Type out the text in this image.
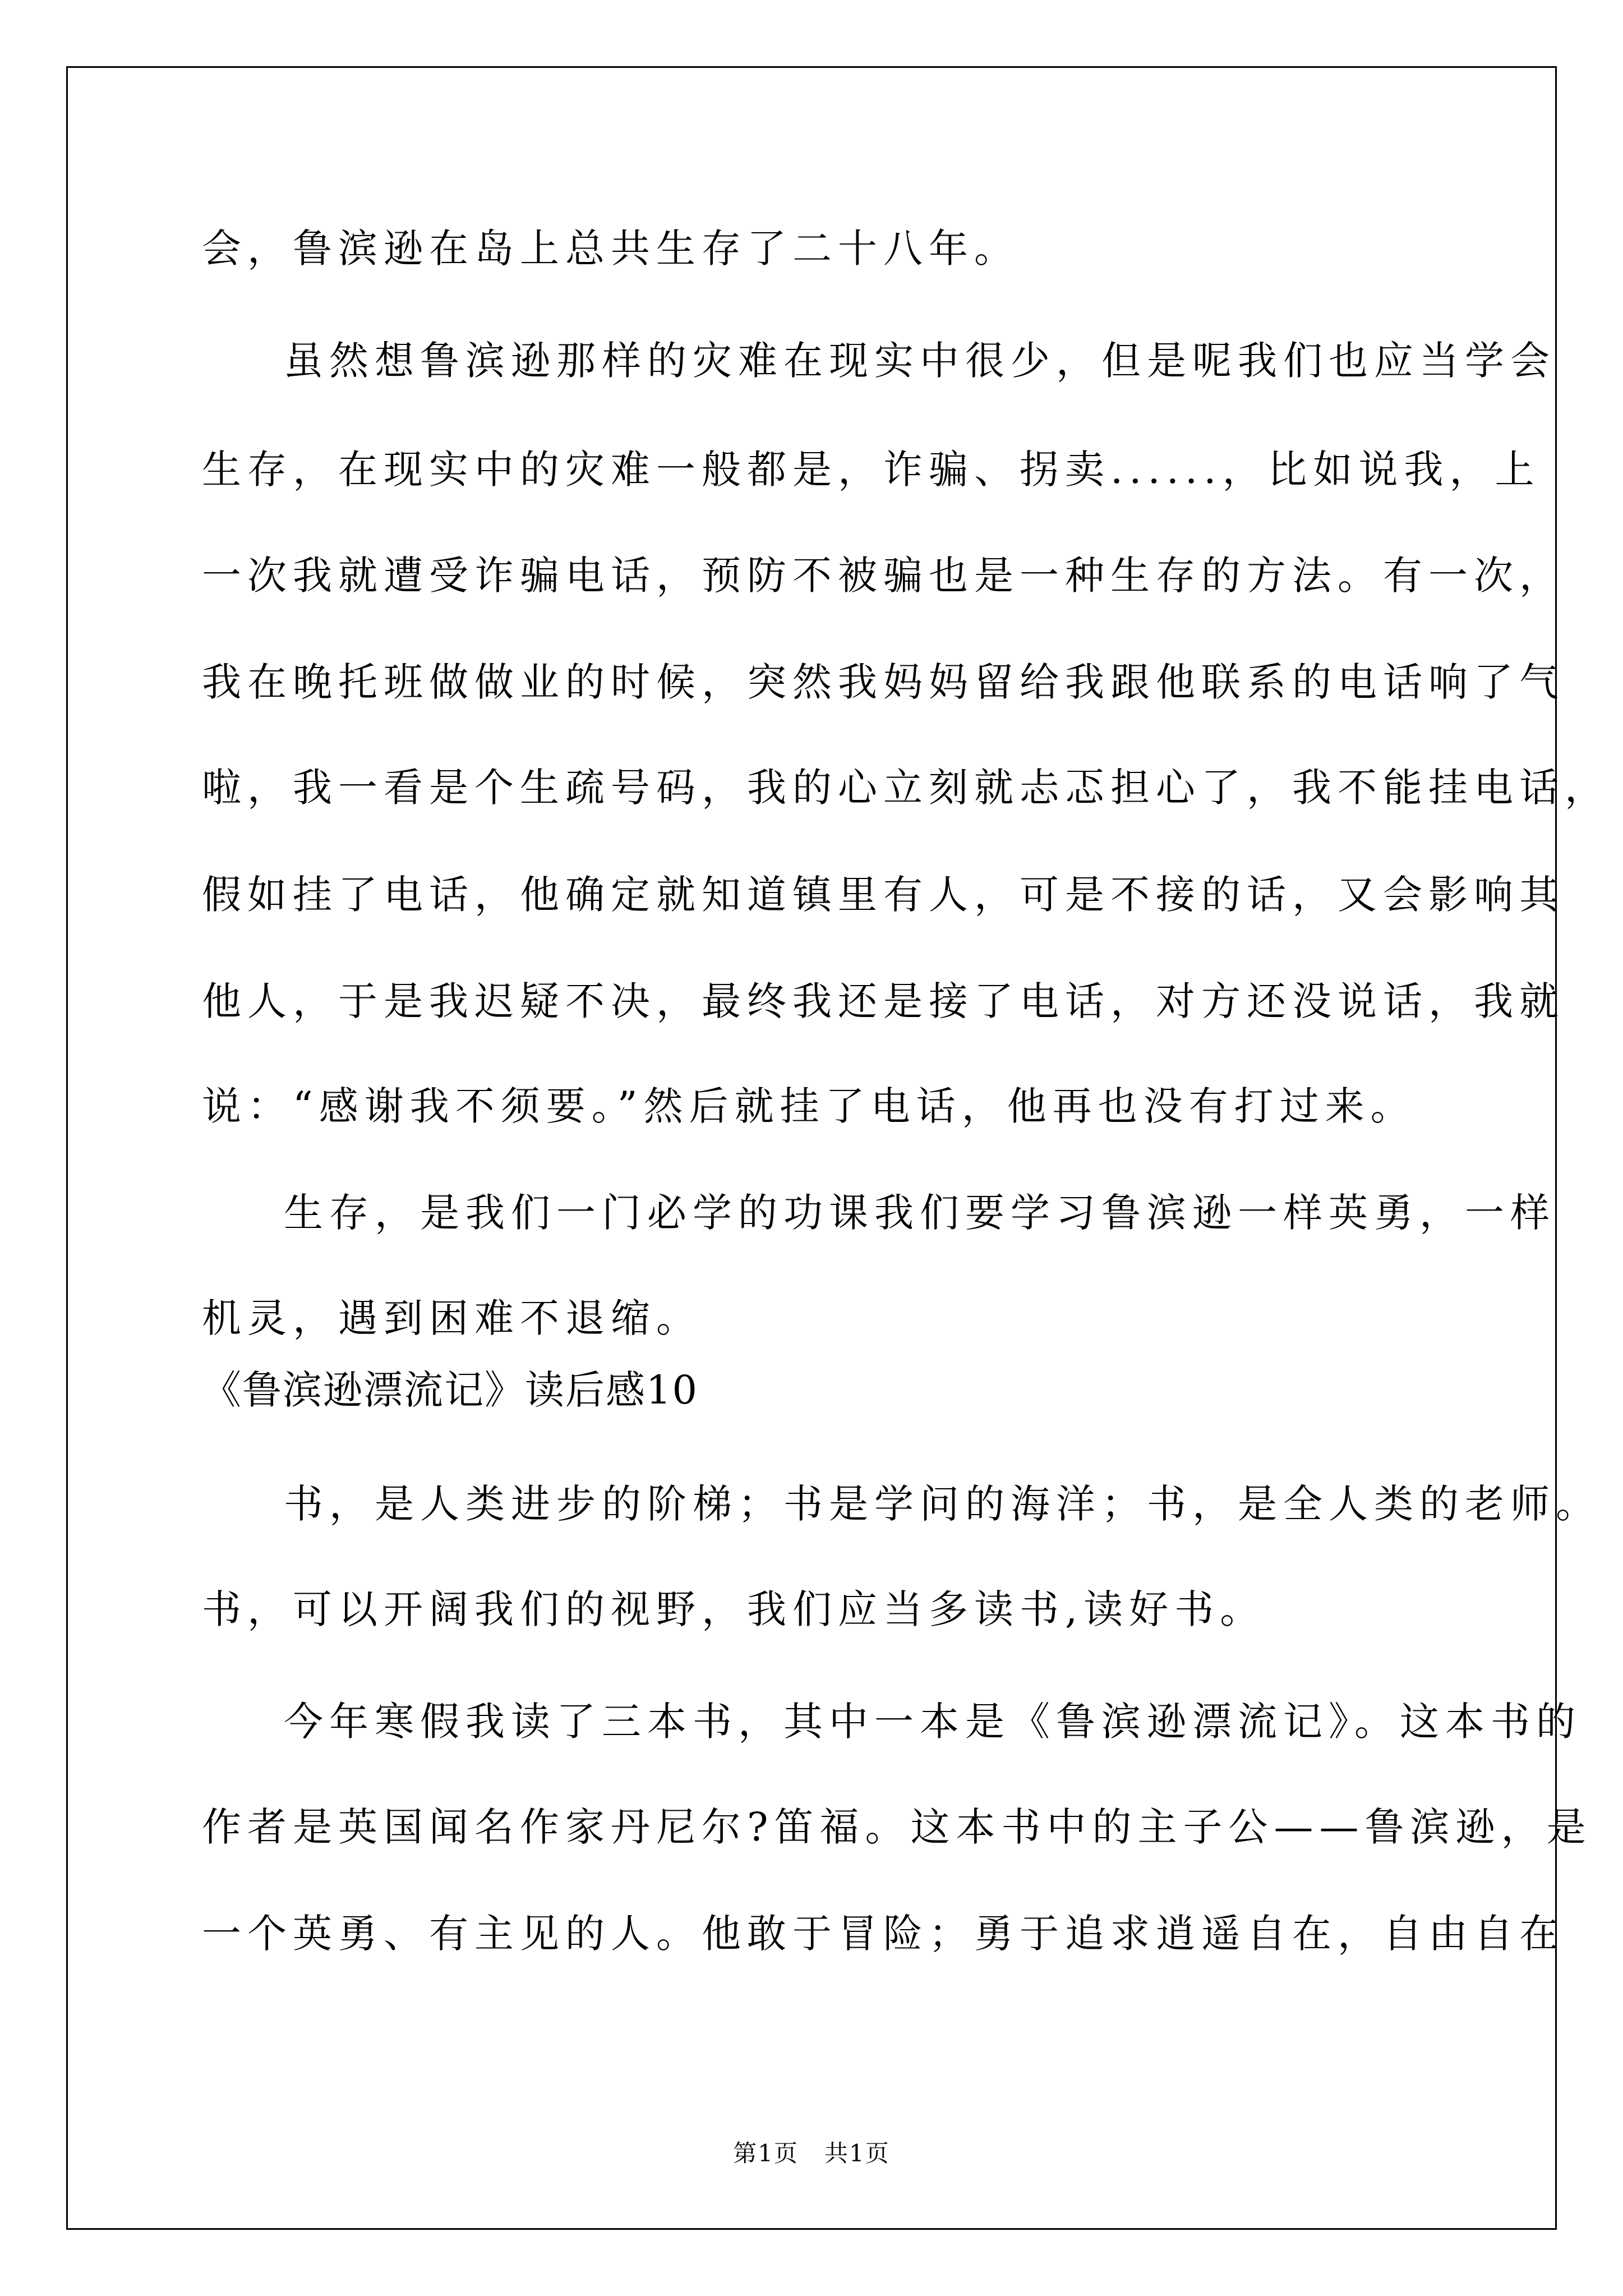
会，鲁滨逊在岛上总共生存了二十八年。
虽然想鲁滨逊那样的灾难在现实中很少，但是呢我们也应当学会
生存，在现实中的灾难一般都是，诈骗、拐卖......，比如说我，上
一次我就遭受诈骗电话，预防不被骗也是一种生存的方法。有一次，
我在晚托班做做业的时候，突然我妈妈留给我跟他联系的电话响了气
啦，我一看是个生疏号码，我的心立刻就忐忑担心了，我不能挂电话，
假如挂了电话，他确定就知道镇里有人，可是不接的话，又会影响其
他人，于是我迟疑不决，最终我还是接了电话，对方还没说话，我就
说：“感谢我不须要。”然后就挂了电话，他再也没有打过来。
生存，是我们一门必学的功课我们要学习鲁滨逊一样英勇，一样
机灵，遇到困难不退缩。
《鲁滨逊漂流记》读后感10
书，是人类进步的阶梯；书是学问的海洋；书，是全人类的老师。
书，可以开阔我们的视野，我们应当多读书,读好书。
今年寒假我读了三本书，其中一本是《鲁滨逊漂流记》。这本书的
作者是英国闻名作家丹尼尔?笛福。这本书中的主子公——鲁滨逊，是
一个英勇、有主见的人。他敢于冒险；勇于追求逍遥自在，自由自在
第1页   共1页
